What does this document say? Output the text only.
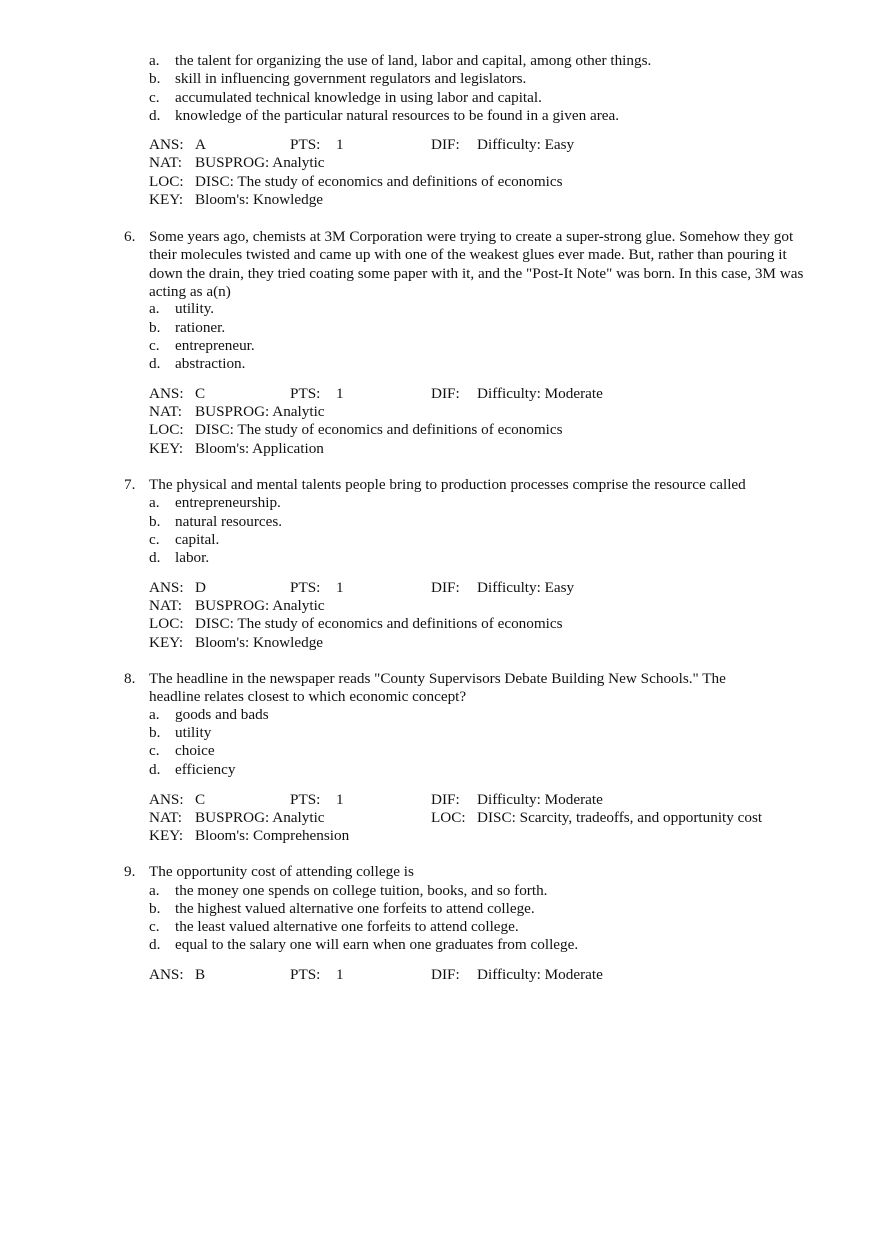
a. the talent for organizing the use of land, labor and capital, among other things.
b. skill in influencing government regulators and legislators.
c. accumulated technical knowledge in using labor and capital.
d. knowledge of the particular natural resources to be found in a given area.
ANS: A	PTS: 1	DIF: Difficulty: Easy
NAT: BUSPROG: Analytic
LOC: DISC: The study of economics and definitions of economics
KEY: Bloom's: Knowledge
6. Some years ago, chemists at 3M Corporation were trying to create a super-strong glue. Somehow they got their molecules twisted and came up with one of the weakest glues ever made. But, rather than pouring it down the drain, they tried coating some paper with it, and the "Post-It Note" was born. In this case, 3M was acting as a(n)
a. utility.
b. rationer.
c. entrepreneur.
d. abstraction.
ANS: C	PTS: 1	DIF: Difficulty: Moderate
NAT: BUSPROG: Analytic
LOC: DISC: The study of economics and definitions of economics
KEY: Bloom's: Application
7. The physical and mental talents people bring to production processes comprise the resource called
a. entrepreneurship.
b. natural resources.
c. capital.
d. labor.
ANS: D	PTS: 1	DIF: Difficulty: Easy
NAT: BUSPROG: Analytic
LOC: DISC: The study of economics and definitions of economics
KEY: Bloom's: Knowledge
8. The headline in the newspaper reads "County Supervisors Debate Building New Schools." The headline relates closest to which economic concept?
a. goods and bads
b. utility
c. choice
d. efficiency
ANS: C	PTS: 1	DIF: Difficulty: Moderate
NAT: BUSPROG: Analytic	LOC: DISC: Scarcity, tradeoffs, and opportunity cost
KEY: Bloom's: Comprehension
9. The opportunity cost of attending college is
a. the money one spends on college tuition, books, and so forth.
b. the highest valued alternative one forfeits to attend college.
c. the least valued alternative one forfeits to attend college.
d. equal to the salary one will earn when one graduates from college.
ANS: B	PTS: 1	DIF: Difficulty: Moderate
